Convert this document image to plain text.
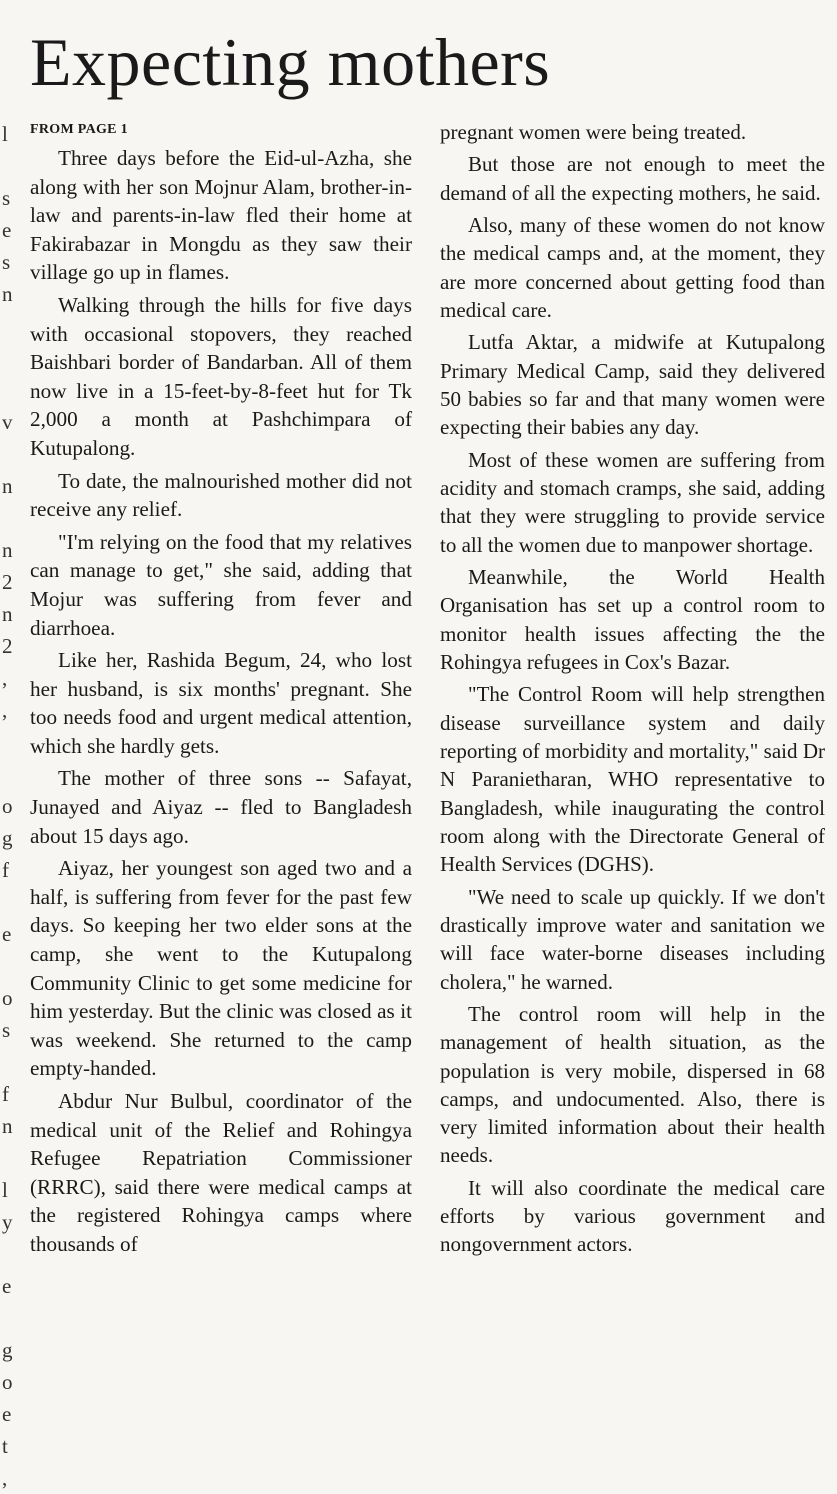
Expecting mothers
l
s
e
s
n
v
n
n
2
n
2
,
,
o
g
f
e
o
s
f
n
l
y
e
g
o
e
t
,
FROM PAGE 1

Three days before the Eid-ul-Azha, she along with her son Mojnur Alam, brother-in-law and parents-in-law fled their home at Fakirabazar in Mongdu as they saw their village go up in flames.

Walking through the hills for five days with occasional stopovers, they reached Baishbari border of Bandarban. All of them now live in a 15-feet-by-8-feet hut for Tk 2,000 a month at Pashchimpara of Kutupalong.

To date, the malnourished mother did not receive any relief.

"I'm relying on the food that my relatives can manage to get," she said, adding that Mojur was suffering from fever and diarrhoea.

Like her, Rashida Begum, 24, who lost her husband, is six months' pregnant. She too needs food and urgent medical attention, which she hardly gets.

The mother of three sons -- Safayat, Junayed and Aiyaz -- fled to Bangladesh about 15 days ago.

Aiyaz, her youngest son aged two and a half, is suffering from fever for the past few days. So keeping her two elder sons at the camp, she went to the Kutupalong Community Clinic to get some medicine for him yesterday. But the clinic was closed as it was weekend. She returned to the camp empty-handed.

Abdur Nur Bulbul, coordinator of the medical unit of the Relief and Rohingya Refugee Repatriation Commissioner (RRRC), said there were medical camps at the registered Rohingya camps where thousands of

pregnant women were being treated.

But those are not enough to meet the demand of all the expecting mothers, he said.

Also, many of these women do not know the medical camps and, at the moment, they are more concerned about getting food than medical care.

Lutfa Aktar, a midwife at Kutupalong Primary Medical Camp, said they delivered 50 babies so far and that many women were expecting their babies any day.

Most of these women are suffering from acidity and stomach cramps, she said, adding that they were struggling to provide service to all the women due to manpower shortage.

Meanwhile, the World Health Organisation has set up a control room to monitor health issues affecting the the Rohingya refugees in Cox's Bazar.

"The Control Room will help strengthen disease surveillance system and daily reporting of morbidity and mortality," said Dr N Paranietharan, WHO representative to Bangladesh, while inaugurating the control room along with the Directorate General of Health Services (DGHS).

"We need to scale up quickly. If we don't drastically improve water and sanitation we will face water-borne diseases including cholera," he warned.

The control room will help in the management of health situation, as the population is very mobile, dispersed in 68 camps, and undocumented. Also, there is very limited information about their health needs.

It will also coordinate the medical care efforts by various government and nongovernment actors.
